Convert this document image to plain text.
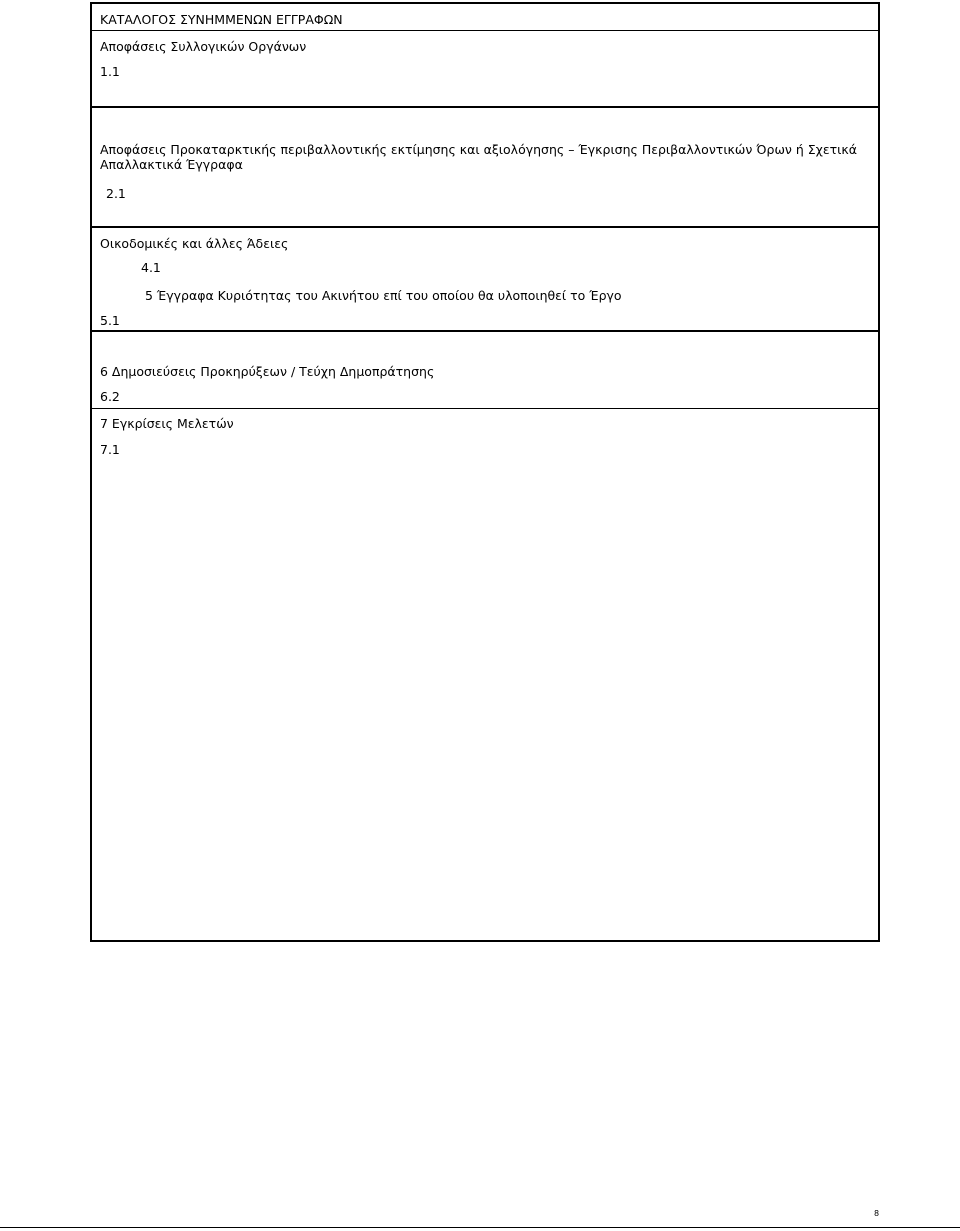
ΚΑΤΑΛΟΓΟΣ ΣΥΝΗΜΜΕΝΩΝ ΕΓΓΡΑΦΩΝ
Αποφάσεις Συλλογικών Οργάνων
1.1
Αποφάσεις Προκαταρκτικής περιβαλλοντικής εκτίμησης και αξιολόγησης – Έγκρισης Περιβαλλοντικών Όρων ή Σχετικά Απαλλακτικά Έγγραφα
2.1
Οικοδομικές και άλλες Άδειες
4.1
5 Έγγραφα Κυριότητας του Ακινήτου επί του οποίου θα υλοποιηθεί το Έργο
5.1
6 Δημοσιεύσεις Προκηρύξεων / Τεύχη Δημοπράτησης
6.2
7 Εγκρίσεις Μελετών
7.1
8
